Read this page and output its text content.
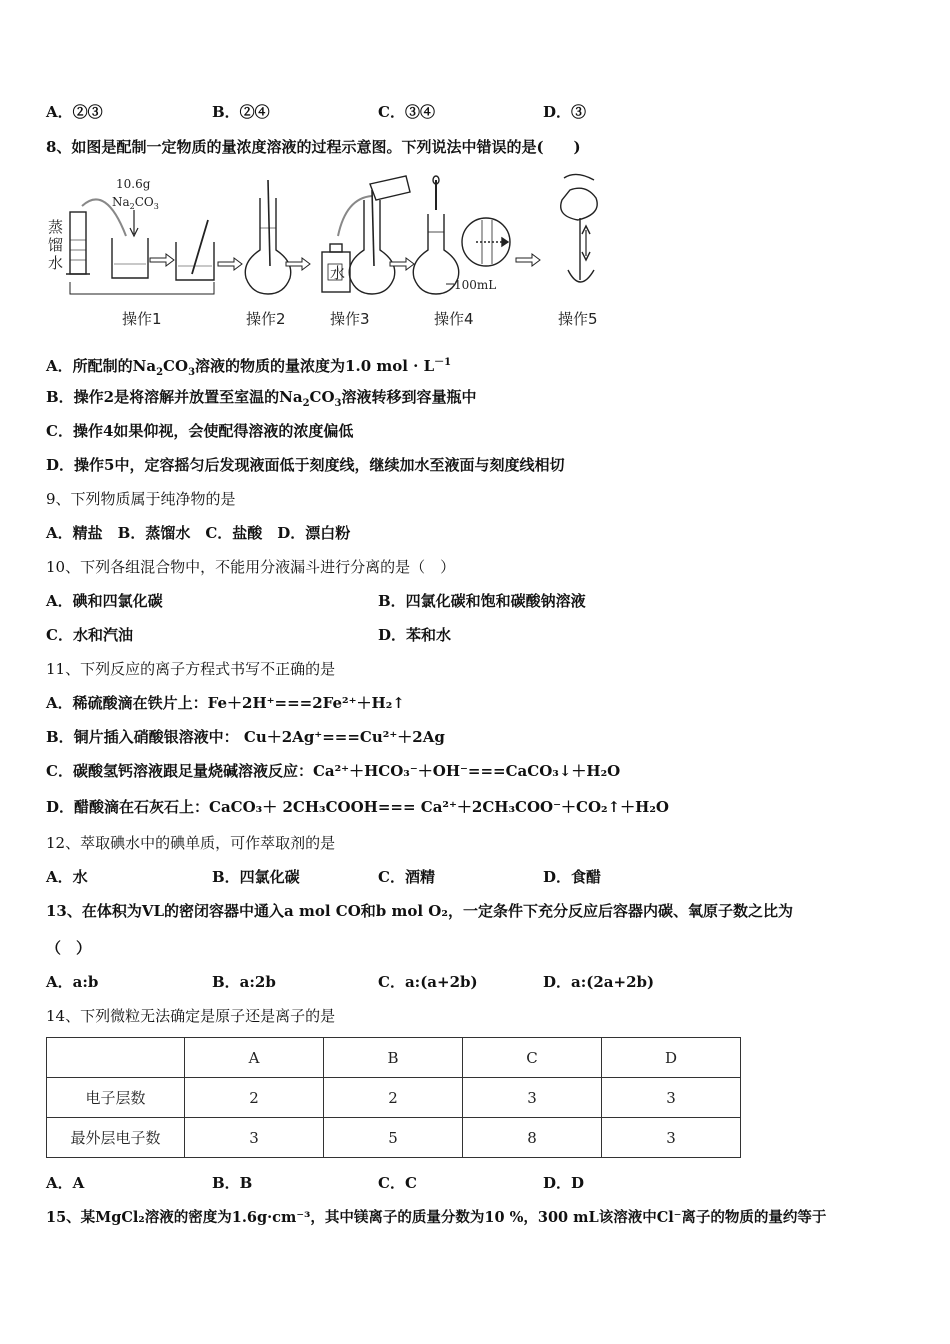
A．②③	B．②④	C．③④	D．③
8、如图是配制一定物质的量浓度溶液的过程示意图。下列说法中错误的是(　　)
蒸
馏
水
10.6g
$Na_2CO_3$
水
100mL
操作1	操作2	操作3	操作4	操作5
A．所配制的$Na_2CO_3$溶液的物质的量浓度为1.0 mol · $L^{-1}$
B．操作2是将溶解并放置至室温的$Na_2CO_3$溶液转移到容量瓶中
C．操作4如果仰视，会使配得溶液的浓度偏低
D．操作5中，定容摇匀后发现液面低于刻度线，继续加水至液面与刻度线相切
9、下列物质属于纯净物的是
A．精盐　B．蒸馏水　C．盐酸　D．漂白粉
10、下列各组混合物中，不能用分液漏斗进行分离的是（　）
A．碘和四氯化碳	B．四氯化碳和饱和碳酸钠溶液
C．水和汽油	D．苯和水
11、下列反应的离子方程式书写不正确的是
A．稀硫酸滴在铁片上：Fe＋2H⁺===2Fe²⁺＋H₂↑
B．铜片插入硝酸银溶液中： Cu＋2Ag⁺===Cu²⁺＋2Ag
C．碳酸氢钙溶液跟足量烧碱溶液反应：Ca²⁺＋HCO₃⁻＋OH⁻===CaCO₃↓＋H₂O
D．醋酸滴在石灰石上：CaCO₃＋ 2CH₃COOH=== Ca²⁺＋2CH₃COO⁻＋CO₂↑＋H₂O
12、萃取碘水中的碘单质，可作萃取剂的是
A．水	B．四氯化碳	C．酒精	D．食醋
13、在体积为VL的密闭容器中通入a mol CO和b mol O₂，一定条件下充分反应后容器内碳、氧原子数之比为
（　）
A．a:b	B．a:2b	C．a:(a+2b)	D．a:(2a+2b)
14、下列微粒无法确定是原子还是离子的是
	A	B	C	D
电子层数	2	2	3	3
最外层电子数	3	5	8	3
A．A	B．B	C．C	D．D
15、某MgCl₂溶液的密度为1.6g·cm⁻³，其中镁离子的质量分数为10 %，300 mL该溶液中Cl⁻离子的物质的量约等于
